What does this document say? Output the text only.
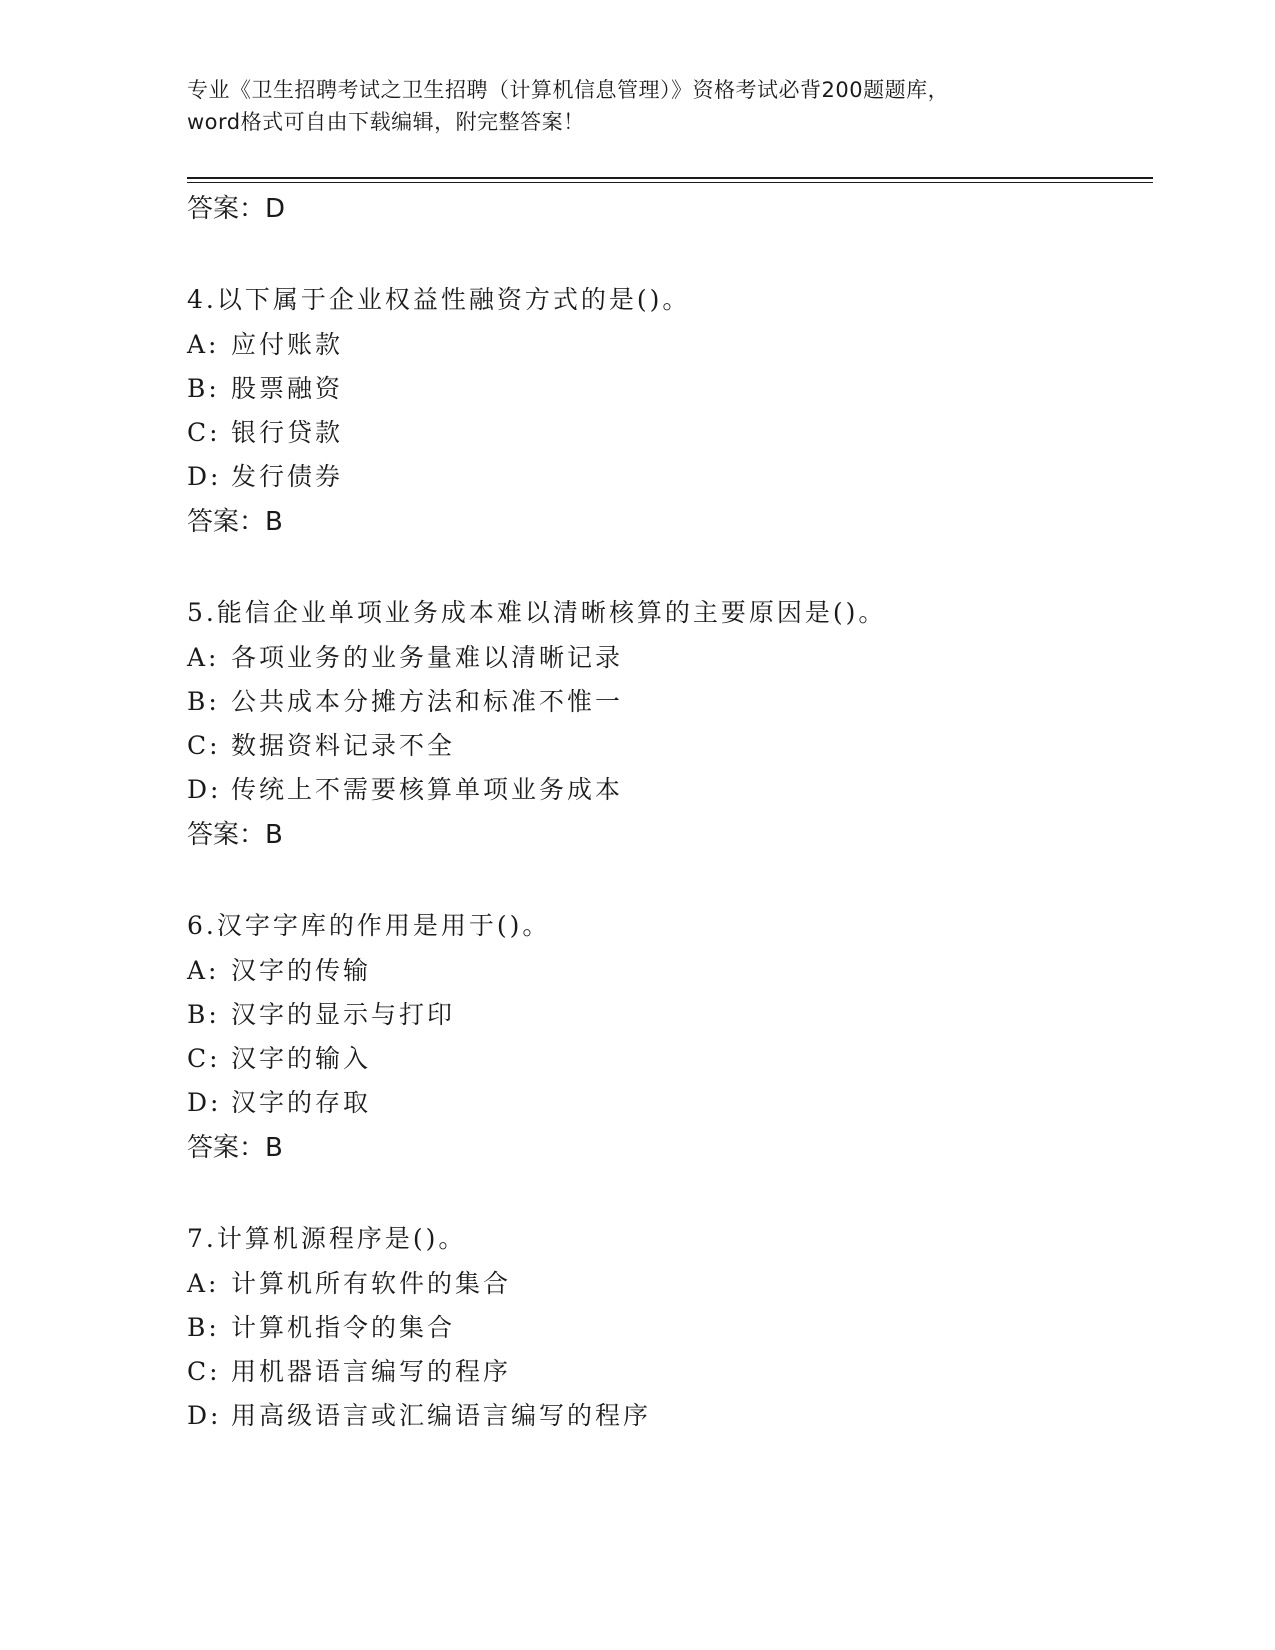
专业《卫生招聘考试之卫生招聘（计算机信息管理）》资格考试必背200题题库，
word格式可自由下载编辑，附完整答案！
答案：D
4.以下属于企业权益性融资方式的是()。
A: 应付账款
B: 股票融资
C: 银行贷款
D: 发行债券
答案：B
5.能信企业单项业务成本难以清晰核算的主要原因是()。
A: 各项业务的业务量难以清晰记录
B: 公共成本分摊方法和标准不惟一
C: 数据资料记录不全
D: 传统上不需要核算单项业务成本
答案：B
6.汉字字库的作用是用于()。
A: 汉字的传输
B: 汉字的显示与打印
C: 汉字的输入
D: 汉字的存取
答案：B
7.计算机源程序是()。
A: 计算机所有软件的集合
B: 计算机指令的集合
C: 用机器语言编写的程序
D: 用高级语言或汇编语言编写的程序
